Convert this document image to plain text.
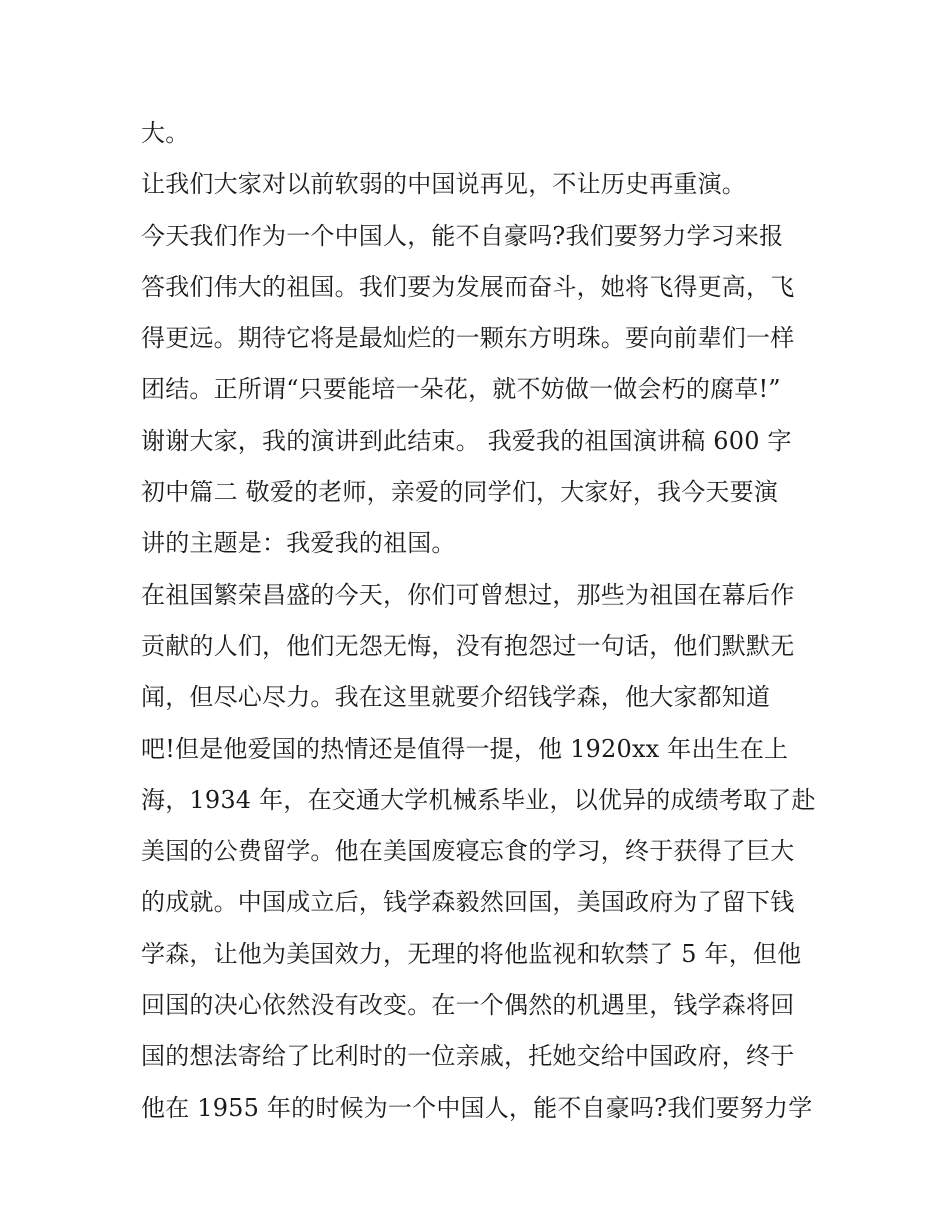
大。
让我们大家对以前软弱的中国说再见，不让历史再重演。
今天我们作为一个中国人，能不自豪吗?我们要努力学习来报
答我们伟大的祖国。我们要为发展而奋斗，她将飞得更高，飞
得更远。期待它将是最灿烂的一颗东方明珠。要向前辈们一样
团结。正所谓“只要能培一朵花，就不妨做一做会朽的腐草!”
谢谢大家，我的演讲到此结束。 我爱我的祖国演讲稿 600 字
初中篇二 敬爱的老师，亲爱的同学们，大家好，我今天要演
讲的主题是：我爱我的祖国。
在祖国繁荣昌盛的今天，你们可曾想过，那些为祖国在幕后作
贡献的人们，他们无怨无悔，没有抱怨过一句话，他们默默无
闻，但尽心尽力。我在这里就要介绍钱学森，他大家都知道
吧!但是他爱国的热情还是值得一提，他 1920xx 年出生在上
海，1934 年，在交通大学机械系毕业，以优异的成绩考取了赴
美国的公费留学。他在美国废寝忘食的学习，终于获得了巨大
的成就。中国成立后，钱学森毅然回国，美国政府为了留下钱
学森，让他为美国效力，无理的将他监视和软禁了 5 年，但他
回国的决心依然没有改变。在一个偶然的机遇里，钱学森将回
国的想法寄给了比利时的一位亲戚，托她交给中国政府，终于
他在 1955 年的时候为一个中国人，能不自豪吗?我们要努力学
